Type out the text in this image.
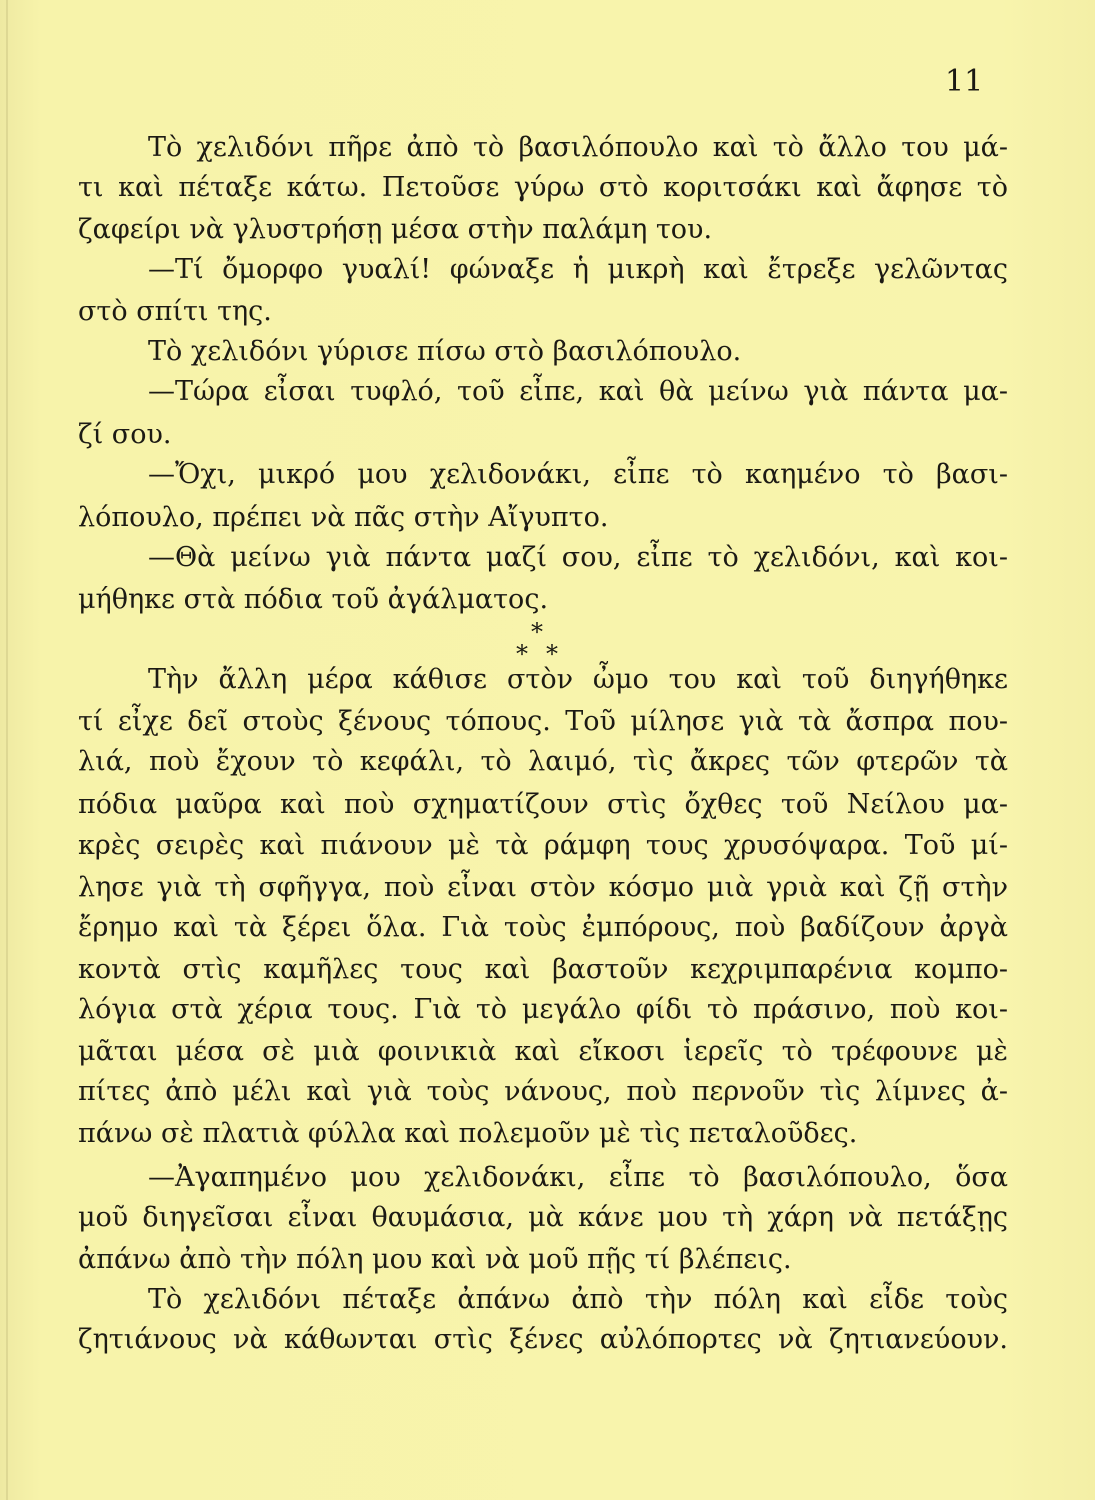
11
Τὸ χελιδόνι πῆρε ἀπὸ τὸ βασιλόπουλο καὶ τὸ ἄλλο του μά-
τι καὶ πέταξε κάτω. Πετοῦσε γύρω στὸ κοριτσάκι καὶ ἄφησε τὸ
ζαφείρι νὰ γλυστρήσῃ μέσα στὴν παλάμη του.
—Τί ὄμορφο γυαλί! φώναξε ἡ μικρὴ καὶ ἔτρεξε γελῶντας
στὸ σπίτι της.
Τὸ χελιδόνι γύρισε πίσω στὸ βασιλόπουλο.
—Τώρα εἶσαι τυφλό, τοῦ εἶπε, καὶ θὰ μείνω γιὰ πάντα μα-
ζί σου.
—Ὄχι, μικρό μου χελιδονάκι, εἶπε τὸ καημένο τὸ βασι-
λόπουλο, πρέπει νὰ πᾶς στὴν Αἴγυπτο.
—Θὰ μείνω γιὰ πάντα μαζί σου, εἶπε τὸ χελιδόνι, καὶ κοι-
μήθηκε στὰ πόδια τοῦ ἀγάλματος.
Τὴν ἄλλη μέρα κάθισε στὸν ὦμο του καὶ τοῦ διηγήθηκε
τί εἶχε δεῖ στοὺς ξένους τόπους. Τοῦ μίλησε γιὰ τὰ ἄσπρα που-
λιά, ποὺ ἔχουν τὸ κεφάλι, τὸ λαιμό, τὶς ἄκρες τῶν φτερῶν τὰ
πόδια μαῦρα καὶ ποὺ σχηματίζουν στὶς ὄχθες τοῦ Νείλου μα-
κρὲς σειρὲς καὶ πιάνουν μὲ τὰ ράμφη τους χρυσόψαρα. Τοῦ μί-
λησε γιὰ τὴ σφῆγγα, ποὺ εἶναι στὸν κόσμο μιὰ γριὰ καὶ ζῇ στὴν
ἔρημο καὶ τὰ ξέρει ὅλα. Γιὰ τοὺς ἐμπόρους, ποὺ βαδίζουν ἀργὰ
κοντὰ στὶς καμῆλες τους καὶ βαστοῦν κεχριμπαρένια κομπο-
λόγια στὰ χέρια τους. Γιὰ τὸ μεγάλο φίδι τὸ πράσινο, ποὺ κοι-
μᾶται μέσα σὲ μιὰ φοινικιὰ καὶ εἴκοσι ἱερεῖς τὸ τρέφουνε μὲ
πίτες ἀπὸ μέλι καὶ γιὰ τοὺς νάνους, ποὺ περνοῦν τὶς λίμνες ἀ-
πάνω σὲ πλατιὰ φύλλα καὶ πολεμοῦν μὲ τὶς πεταλοῦδες.
—Ἀγαπημένο μου χελιδονάκι, εἶπε τὸ βασιλόπουλο, ὅσα
μοῦ διηγεῖσαι εἶναι θαυμάσια, μὰ κάνε μου τὴ χάρη νὰ πετάξῃς
ἀπάνω ἀπὸ τὴν πόλη μου καὶ νὰ μοῦ πῇς τί βλέπεις.
Τὸ χελιδόνι πέταξε ἀπάνω ἀπὸ τὴν πόλη καὶ εἶδε τοὺς
ζητιάνους νὰ κάθωνται στὶς ξένες αὐλόπορτες νὰ ζητιανεύουν.
*
* *
